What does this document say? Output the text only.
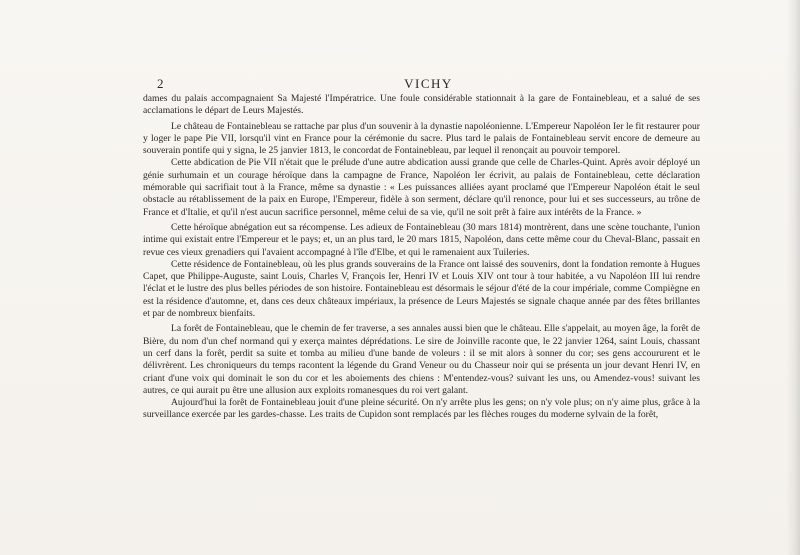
2	VICHY

dames du palais accompagnaient Sa Majesté l'Impératrice. Une foule considérable stationnait à la gare de Fontainebleau, et a salué de ses acclamations le départ de Leurs Majestés.

Le château de Fontainebleau se rattache par plus d'un souvenir à la dynastie napoléonienne. L'Empereur Napoléon Ier le fit restaurer pour y loger le pape Pie VII, lorsqu'il vint en France pour la cérémonie du sacre. Plus tard le palais de Fontainebleau servit encore de demeure au souverain pontife qui y signa, le 25 janvier 1813, le concordat de Fontainebleau, par lequel il renonçait au pouvoir temporel.

Cette abdication de Pie VII n'était que le prélude d'une autre abdication aussi grande que celle de Charles-Quint. Après avoir déployé un génie surhumain et un courage héroïque dans la campagne de France, Napoléon Ier écrivit, au palais de Fontainebleau, cette déclaration mémorable qui sacrifiait tout à la France, même sa dynastie : « Les puissances alliées ayant proclamé que l'Empereur Napoléon était le seul obstacle au rétablissement de la paix en Europe, l'Empereur, fidèle à son serment, déclare qu'il renonce, pour lui et ses successeurs, au trône de France et d'Italie, et qu'il n'est aucun sacrifice personnel, même celui de sa vie, qu'il ne soit prêt à faire aux intérêts de la France. »

Cette héroïque abnégation eut sa récompense. Les adieux de Fontainebleau (30 mars 1814) montrèrent, dans une scène touchante, l'union intime qui existait entre l'Empereur et le pays; et, un an plus tard, le 20 mars 1815, Napoléon, dans cette même cour du Cheval-Blanc, passait en revue ces vieux grenadiers qui l'avaient accompagné à l'île d'Elbe, et qui le ramenaient aux Tuileries.

Cette résidence de Fontainebleau, où les plus grands souverains de la France ont laissé des souvenirs, dont la fondation remonte à Hugues Capet, que Philippe-Auguste, saint Louis, Charles V, François Ier, Henri IV et Louis XIV ont tour à tour habitée, a vu Napoléon III lui rendre l'éclat et le lustre des plus belles périodes de son histoire. Fontainebleau est désormais le séjour d'été de la cour impériale, comme Compiègne en est la résidence d'automne, et, dans ces deux châteaux impériaux, la présence de Leurs Majestés se signale chaque année par des fêtes brillantes et par de nombreux bienfaits.

La forêt de Fontainebleau, que le chemin de fer traverse, a ses annales aussi bien que le château. Elle s'appelait, au moyen âge, la forêt de Bière, du nom d'un chef normand qui y exerça maintes déprédations. Le sire de Joinville raconte que, le 22 janvier 1264, saint Louis, chassant un cerf dans la forêt, perdit sa suite et tomba au milieu d'une bande de voleurs : il se mit alors à sonner du cor; ses gens accoururent et le délivrèrent. Les chroniqueurs du temps racontent la légende du Grand Veneur ou du Chasseur noir qui se présenta un jour devant Henri IV, en criant d'une voix qui dominait le son du cor et les aboiements des chiens : M'entendez-vous? suivant les uns, ou Amendez-vous! suivant les autres, ce qui aurait pu être une allusion aux exploits romanesques du roi vert galant.

Aujourd'hui la forêt de Fontainebleau jouit d'une pleine sécurité. On n'y arrête plus les gens; on n'y vole plus; on n'y aime plus, grâce à la surveillance exercée par les gardes-chasse. Les traits de Cupidon sont remplacés par les flèches rouges du moderne sylvain de la forêt,
